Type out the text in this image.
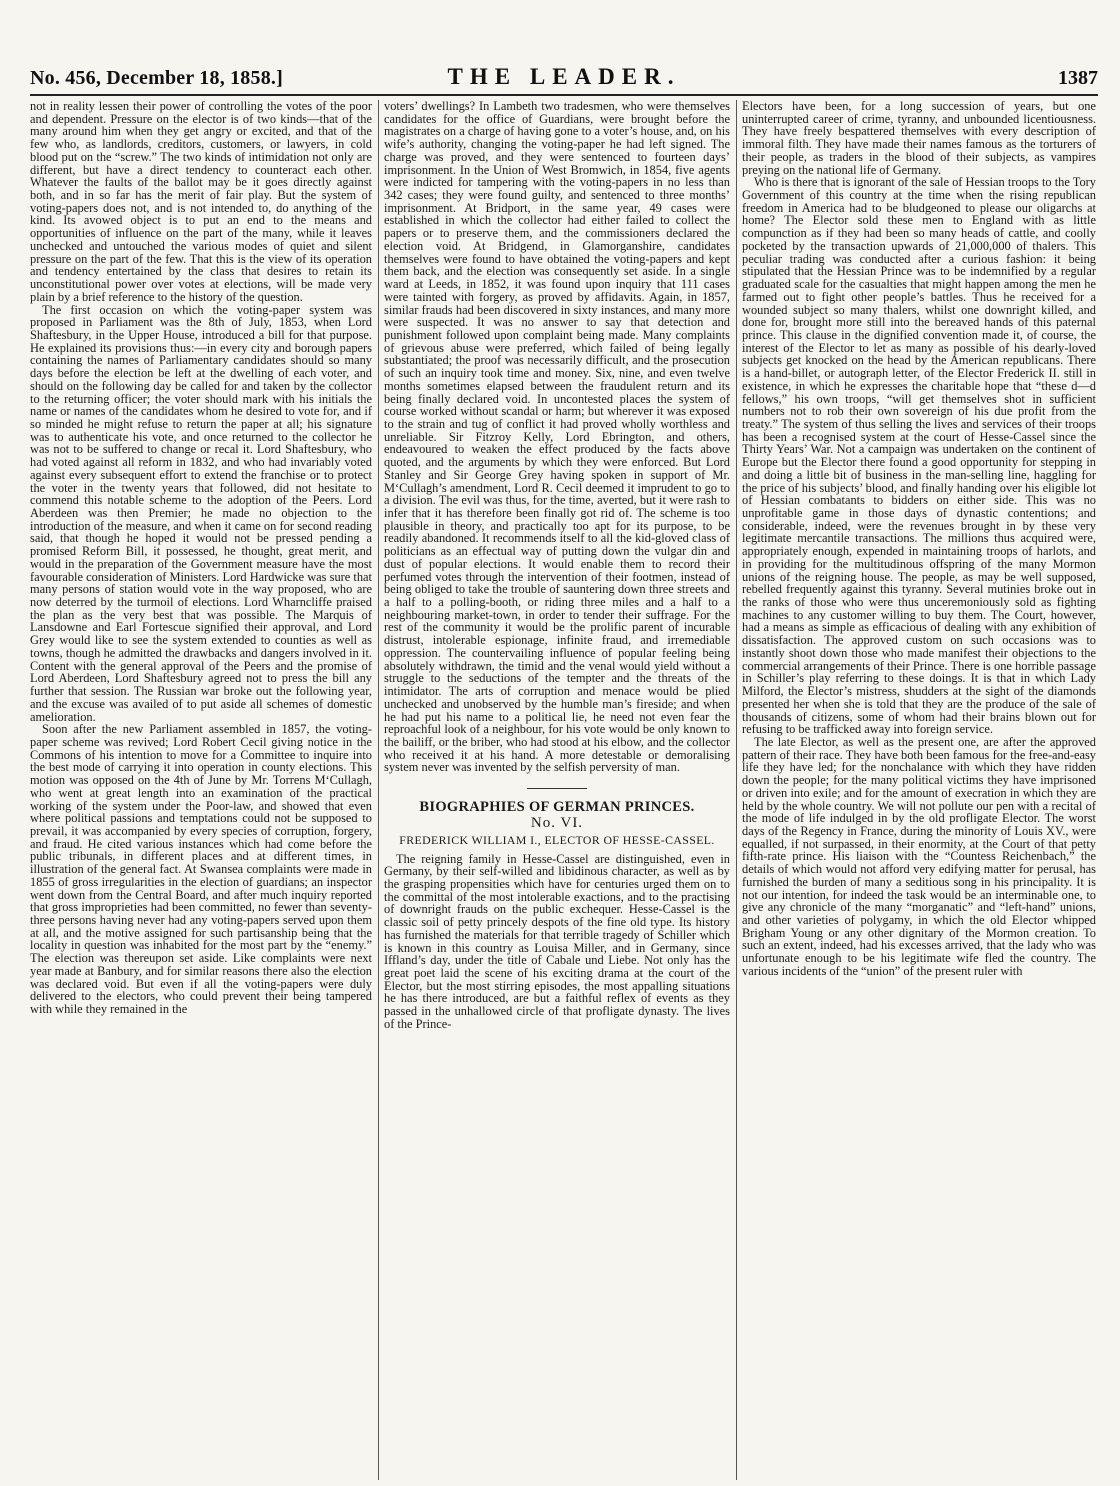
No. 456, December 18, 1858.]	THE LEADER.	1387

not in reality lessen their power of controlling the votes of the poor and dependent. Pressure on the elector is of two kinds—that of the many around him when they get angry or excited, and that of the few who, as landlords, creditors, customers, or lawyers, in cold blood put on the “screw.” The two kinds of intimidation not only are different, but have a direct tendency to counteract each other. Whatever the faults of the ballot may be it goes directly against both, and in so far has the merit of fair play. But the system of voting-papers does not, and is not intended to, do anything of the kind. Its avowed object is to put an end to the means and opportunities of influence on the part of the many, while it leaves unchecked and untouched the various modes of quiet and silent pressure on the part of the few. That this is the view of its operation and tendency entertained by the class that desires to retain its unconstitutional power over votes at elections, will be made very plain by a brief reference to the history of the question.

The first occasion on which the voting-paper system was proposed in Parliament was the 8th of July, 1853, when Lord Shaftesbury, in the Upper House, introduced a bill for that purpose. He explained its provisions thus:—in every city and borough papers containing the names of Parliamentary candidates should so many days before the election be left at the dwelling of each voter, and should on the following day be called for and taken by the collector to the returning officer; the voter should mark with his initials the name or names of the candidates whom he desired to vote for, and if so minded he might refuse to return the paper at all; his signature was to authenticate his vote, and once returned to the collector he was not to be suffered to change or recal it. Lord Shaftesbury, who had voted against all reform in 1832, and who had invariably voted against every subsequent effort to extend the franchise or to protect the voter in the twenty years that followed, did not hesitate to commend this notable scheme to the adoption of the Peers. Lord Aberdeen was then Premier; he made no objection to the introduction of the measure, and when it came on for second reading said, that though he hoped it would not be pressed pending a promised Reform Bill, it possessed, he thought, great merit, and would in the preparation of the Government measure have the most favourable consideration of Ministers. Lord Hardwicke was sure that many persons of station would vote in the way proposed, who are now deterred by the turmoil of elections. Lord Wharncliffe praised the plan as the very best that was possible. The Marquis of Lansdowne and Earl Fortescue signified their approval, and Lord Grey would like to see the system extended to counties as well as towns, though he admitted the drawbacks and dangers involved in it. Content with the general approval of the Peers and the promise of Lord Aberdeen, Lord Shaftesbury agreed not to press the bill any further that session. The Russian war broke out the following year, and the excuse was availed of to put aside all schemes of domestic amelioration.

Soon after the new Parliament assembled in 1857, the voting-paper scheme was revived; Lord Robert Cecil giving notice in the Commons of his intention to move for a Committee to inquire into the best mode of carrying it into operation in county elections. This motion was opposed on the 4th of June by Mr. Torrens M‘Cullagh, who went at great length into an examination of the practical working of the system under the Poor-law, and showed that even where political passions and temptations could not be supposed to prevail, it was accompanied by every species of corruption, forgery, and fraud. He cited various instances which had come before the public tribunals, in different places and at different times, in illustration of the general fact. At Swansea complaints were made in 1855 of gross irregularities in the election of guardians; an inspector went down from the Central Board, and after much inquiry reported that gross improprieties had been committed, no fewer than seventy-three persons having never had any voting-papers served upon them at all, and the motive assigned for such partisanship being that the locality in question was inhabited for the most part by the “enemy.” The election was thereupon set aside. Like complaints were next year made at Banbury, and for similar reasons there also the election was declared void. But even if all the voting-papers were duly delivered to the electors, who could prevent their being tampered with while they remained in the

voters’ dwellings? In Lambeth two tradesmen, who were themselves candidates for the office of Guardians, were brought before the magistrates on a charge of having gone to a voter’s house, and, on his wife’s authority, changing the voting-paper he had left signed. The charge was proved, and they were sentenced to fourteen days’ imprisonment. In the Union of West Bromwich, in 1854, five agents were indicted for tampering with the voting-papers in no less than 342 cases; they were found guilty, and sentenced to three months’ imprisonment. At Bridport, in the same year, 49 cases were established in which the collector had either failed to collect the papers or to preserve them, and the commissioners declared the election void. At Bridgend, in Glamorganshire, candidates themselves were found to have obtained the voting-papers and kept them back, and the election was consequently set aside. In a single ward at Leeds, in 1852, it was found upon inquiry that 111 cases were tainted with forgery, as proved by affidavits. Again, in 1857, similar frauds had been discovered in sixty instances, and many more were suspected. It was no answer to say that detection and punishment followed upon complaint being made. Many complaints of grievous abuse were preferred, which failed of being legally substantiated; the proof was necessarily difficult, and the prosecution of such an inquiry took time and money. Six, nine, and even twelve months sometimes elapsed between the fraudulent return and its being finally declared void. In uncontested places the system of course worked without scandal or harm; but wherever it was exposed to the strain and tug of conflict it had proved wholly worthless and unreliable. Sir Fitzroy Kelly, Lord Ebrington, and others, endeavoured to weaken the effect produced by the facts above quoted, and the arguments by which they were enforced. But Lord Stanley and Sir George Grey having spoken in support of Mr. M‘Cullagh’s amendment, Lord R. Cecil deemed it imprudent to go to a division. The evil was thus, for the time, averted, but it were rash to infer that it has therefore been finally got rid of. The scheme is too plausible in theory, and practically too apt for its purpose, to be readily abandoned. It recommends itself to all the kid-gloved class of politicians as an effectual way of putting down the vulgar din and dust of popular elections. It would enable them to record their perfumed votes through the intervention of their footmen, instead of being obliged to take the trouble of sauntering down three streets and a half to a polling-booth, or riding three miles and a half to a neighbouring market-town, in order to tender their suffrage. For the rest of the community it would be the prolific parent of incurable distrust, intolerable espionage, infinite fraud, and irremediable oppression. The countervailing influence of popular feeling being absolutely withdrawn, the timid and the venal would yield without a struggle to the seductions of the tempter and the threats of the intimidator. The arts of corruption and menace would be plied unchecked and unobserved by the humble man’s fireside; and when he had put his name to a political lie, he need not even fear the reproachful look of a neighbour, for his vote would be only known to the bailiff, or the briber, who had stood at his elbow, and the collector who received it at his hand. A more detestable or demoralising system never was invented by the selfish perversity of man.

BIOGRAPHIES OF GERMAN PRINCES.
No. VI.
FREDERICK WILLIAM I., ELECTOR OF HESSE-CASSEL.

The reigning family in Hesse-Cassel are distinguished, even in Germany, by their self-willed and libidinous character, as well as by the grasping propensities which have for centuries urged them on to the committal of the most intolerable exactions, and to the practising of downright frauds on the public exchequer. Hesse-Cassel is the classic soil of petty princely despots of the fine old type. Its history has furnished the materials for that terrible tragedy of Schiller which is known in this country as Louisa Miller, and in Germany, since Iffland’s day, under the title of Cabale und Liebe. Not only has the great poet laid the scene of his exciting drama at the court of the Elector, but the most stirring episodes, the most appalling situations he has there introduced, are but a faithful reflex of events as they passed in the unhallowed circle of that profligate dynasty. The lives of the Prince-

Electors have been, for a long succession of years, but one uninterrupted career of crime, tyranny, and unbounded licentiousness. They have freely bespattered themselves with every description of immoral filth. They have made their names famous as the torturers of their people, as traders in the blood of their subjects, as vampires preying on the national life of Germany.

Who is there that is ignorant of the sale of Hessian troops to the Tory Government of this country at the time when the rising republican freedom in America had to be bludgeoned to please our oligarchs at home? The Elector sold these men to England with as little compunction as if they had been so many heads of cattle, and coolly pocketed by the transaction upwards of 21,000,000 of thalers. This peculiar trading was conducted after a curious fashion: it being stipulated that the Hessian Prince was to be indemnified by a regular graduated scale for the casualties that might happen among the men he farmed out to fight other people’s battles. Thus he received for a wounded subject so many thalers, whilst one downright killed, and done for, brought more still into the bereaved hands of this paternal prince. This clause in the dignified convention made it, of course, the interest of the Elector to let as many as possible of his dearly-loved subjects get knocked on the head by the American republicans. There is a hand-billet, or autograph letter, of the Elector Frederick II. still in existence, in which he expresses the charitable hope that “these d—d fellows,” his own troops, “will get themselves shot in sufficient numbers not to rob their own sovereign of his due profit from the treaty.” The system of thus selling the lives and services of their troops has been a recognised system at the court of Hesse-Cassel since the Thirty Years’ War. Not a campaign was undertaken on the continent of Europe but the Elector there found a good opportunity for stepping in and doing a little bit of business in the man-selling line, haggling for the price of his subjects’ blood, and finally handing over his eligible lot of Hessian combatants to bidders on either side. This was no unprofitable game in those days of dynastic contentions; and considerable, indeed, were the revenues brought in by these very legitimate mercantile transactions. The millions thus acquired were, appropriately enough, expended in maintaining troops of harlots, and in providing for the multitudinous offspring of the many Mormon unions of the reigning house. The people, as may be well supposed, rebelled frequently against this tyranny. Several mutinies broke out in the ranks of those who were thus unceremoniously sold as fighting machines to any customer willing to buy them. The Court, however, had a means as simple as efficacious of dealing with any exhibition of dissatisfaction. The approved custom on such occasions was to instantly shoot down those who made manifest their objections to the commercial arrangements of their Prince. There is one horrible passage in Schiller’s play referring to these doings. It is that in which Lady Milford, the Elector’s mistress, shudders at the sight of the diamonds presented her when she is told that they are the produce of the sale of thousands of citizens, some of whom had their brains blown out for refusing to be trafficked away into foreign service.

The late Elector, as well as the present one, are after the approved pattern of their race. They have both been famous for the free-and-easy life they have led; for the nonchalance with which they have ridden down the people; for the many political victims they have imprisoned or driven into exile; and for the amount of execration in which they are held by the whole country. We will not pollute our pen with a recital of the mode of life indulged in by the old profligate Elector. The worst days of the Regency in France, during the minority of Louis XV., were equalled, if not surpassed, in their enormity, at the Court of that petty fifth-rate prince. His liaison with the “Countess Reichenbach,” the details of which would not afford very edifying matter for perusal, has furnished the burden of many a seditious song in his principality. It is not our intention, for indeed the task would be an interminable one, to give any chronicle of the many “morganatic” and “left-hand” unions, and other varieties of polygamy, in which the old Elector whipped Brigham Young or any other dignitary of the Mormon creation. To such an extent, indeed, had his excesses arrived, that the lady who was unfortunate enough to be his legitimate wife fled the country. The various incidents of the “union” of the present ruler with
